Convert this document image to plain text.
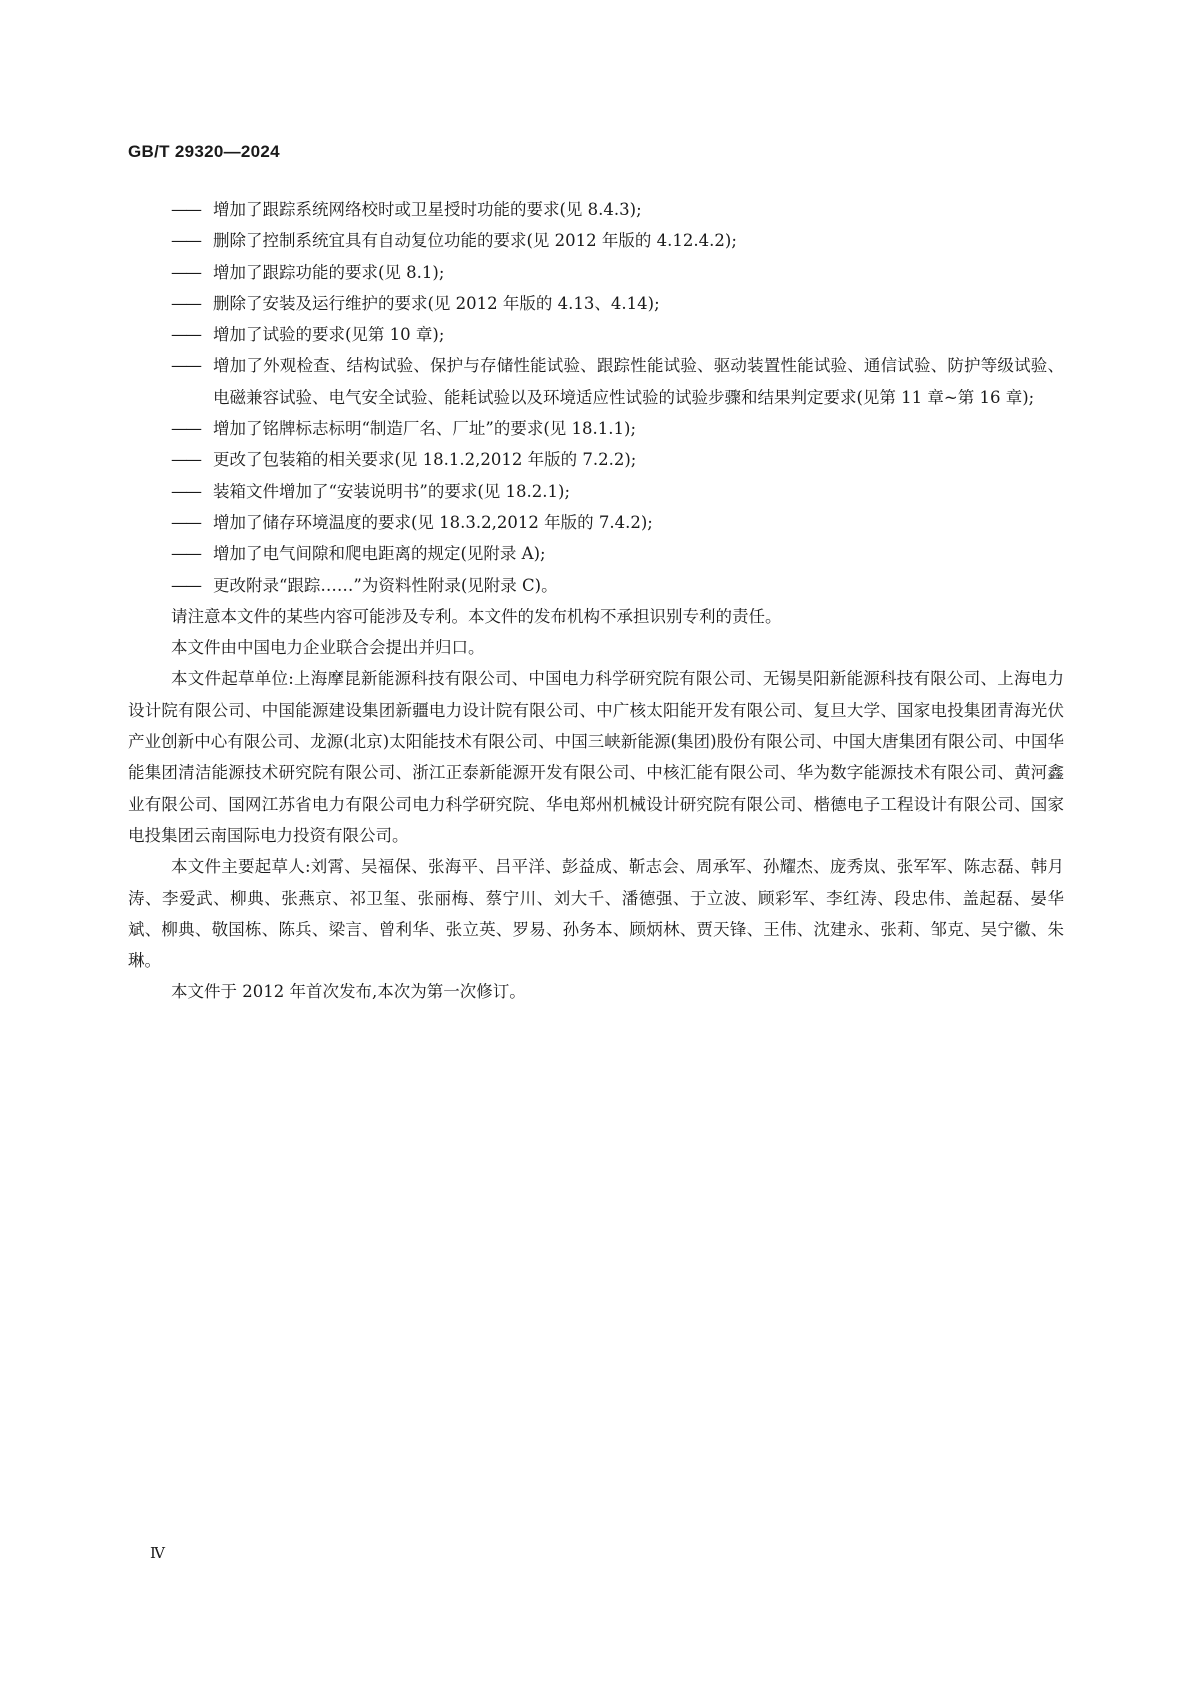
GB/T 29320—2024
—— 增加了跟踪系统网络校时或卫星授时功能的要求(见 8.4.3);
—— 删除了控制系统宜具有自动复位功能的要求(见 2012 年版的 4.12.4.2);
—— 增加了跟踪功能的要求(见 8.1);
—— 删除了安装及运行维护的要求(见 2012 年版的 4.13、4.14);
—— 增加了试验的要求(见第 10 章);
—— 增加了外观检查、结构试验、保护与存储性能试验、跟踪性能试验、驱动装置性能试验、通信试验、防护等级试验、电磁兼容试验、电气安全试验、能耗试验以及环境适应性试验的试验步骤和结果判定要求(见第 11 章~第 16 章);
—— 增加了铭牌标志标明“制造厂名、厂址”的要求(见 18.1.1);
—— 更改了包装箱的相关要求(见 18.1.2,2012 年版的 7.2.2);
—— 装箱文件增加了“安装说明书”的要求(见 18.2.1);
—— 增加了储存环境温度的要求(见 18.3.2,2012 年版的 7.4.2);
—— 增加了电气间隙和爬电距离的规定(见附录 A);
—— 更改附录“跟踪……”为资料性附录(见附录 C)。

请注意本文件的某些内容可能涉及专利。本文件的发布机构不承担识别专利的责任。

本文件由中国电力企业联合会提出并归口。

本文件起草单位:上海摩昆新能源科技有限公司、中国电力科学研究院有限公司、无锡昊阳新能源科技有限公司、上海电力设计院有限公司、中国能源建设集团新疆电力设计院有限公司、中广核太阳能开发有限公司、复旦大学、国家电投集团青海光伏产业创新中心有限公司、龙源(北京)太阳能技术有限公司、中国三峡新能源(集团)股份有限公司、中国大唐集团有限公司、中国华能集团清洁能源技术研究院有限公司、浙江正泰新能源开发有限公司、中核汇能有限公司、华为数字能源技术有限公司、黄河鑫业有限公司、国网江苏省电力有限公司电力科学研究院、华电郑州机械设计研究院有限公司、楷德电子工程设计有限公司、国家电投集团云南国际电力投资有限公司。

本文件主要起草人:刘霄、吴福保、张海平、吕平洋、彭益成、靳志会、周承军、孙耀杰、庞秀岚、张军军、陈志磊、韩月涛、李爱武、柳典、张燕京、祁卫玺、张丽梅、蔡宁川、刘大千、潘德强、于立波、顾彩军、李红涛、段忠伟、盖起磊、晏华斌、柳典、敬国栋、陈兵、梁言、曾利华、张立英、罗易、孙务本、顾炳林、贾天锋、王伟、沈建永、张莉、邹克、吴宁徽、朱琳。

本文件于 2012 年首次发布,本次为第一次修订。

Ⅳ
